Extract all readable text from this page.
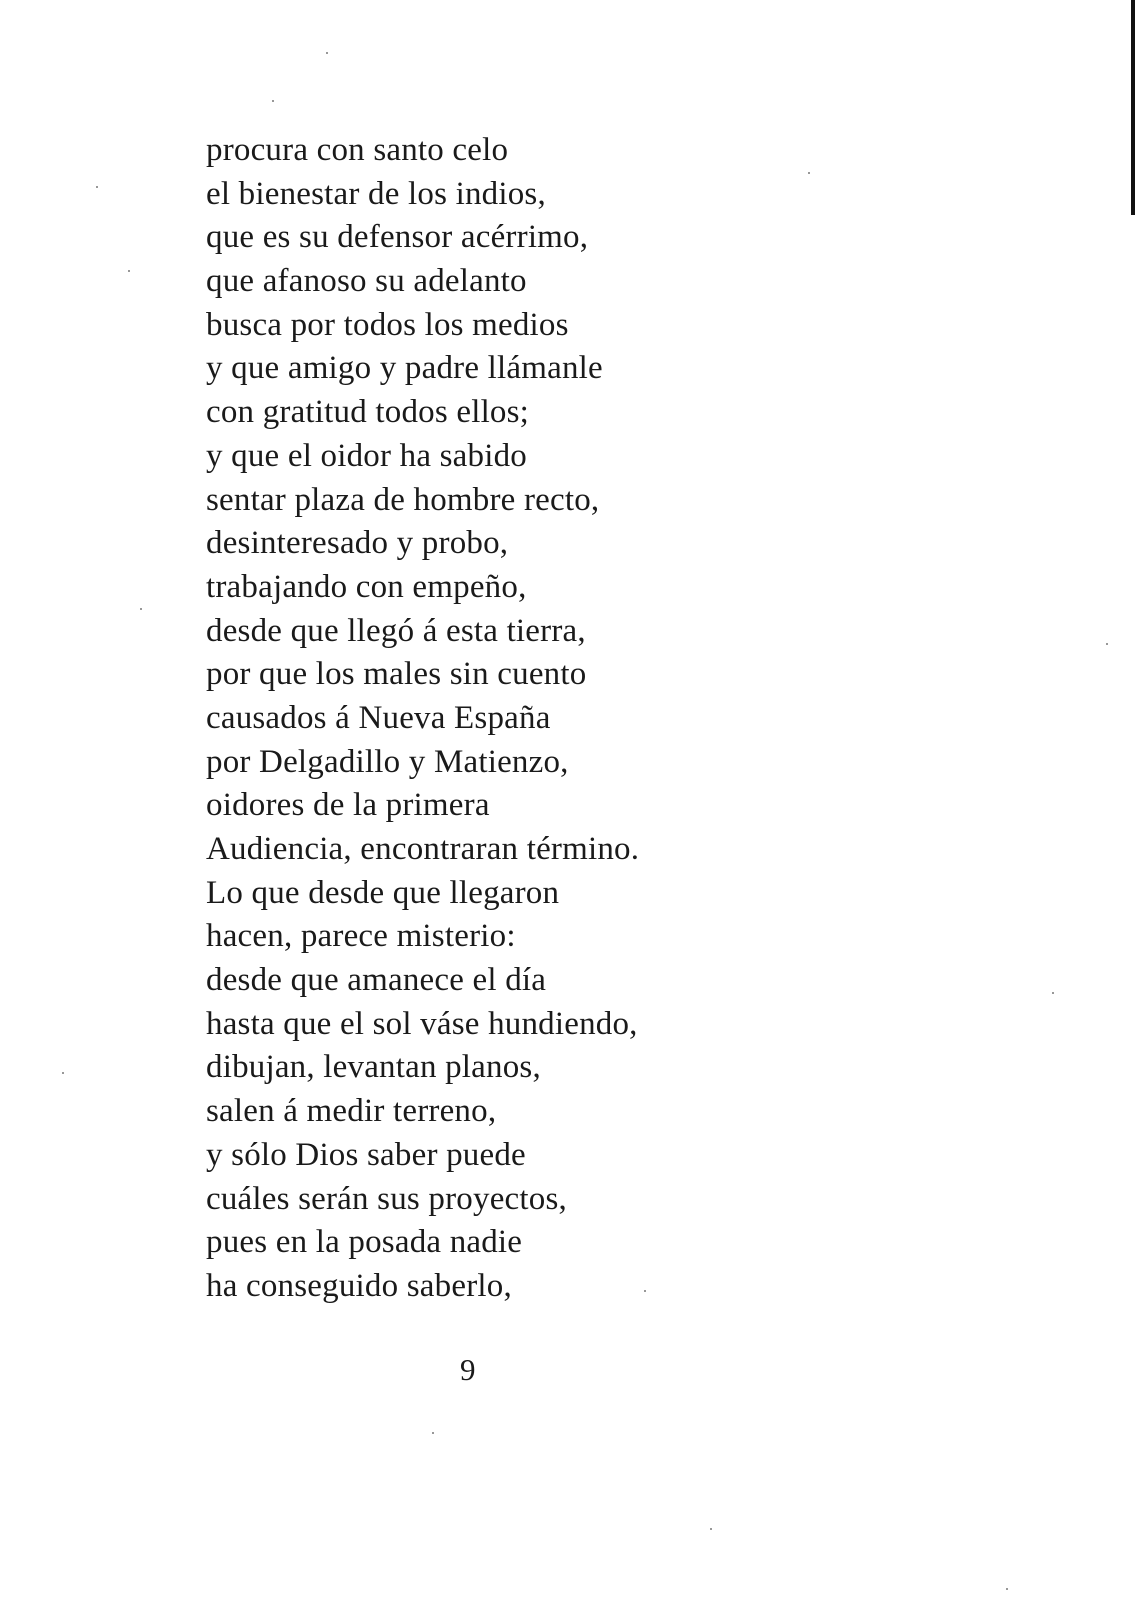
procura con santo celo
el bienestar de los indios,
que es su defensor acérrimo,
que afanoso su adelanto
busca por todos los medios
y que amigo y padre llámanle
con gratitud todos ellos;
y que el oidor ha sabido
sentar plaza de hombre recto,
desinteresado y probo,
trabajando con empeño,
desde que llegó á esta tierra,
por que los males sin cuento
causados á Nueva España
por Delgadillo y Matienzo,
oidores de la primera
Audiencia, encontraran término.
Lo que desde que llegaron
hacen, parece misterio:
desde que amanece el día
hasta que el sol váse hundiendo,
dibujan, levantan planos,
salen á medir terreno,
y sólo Dios saber puede
cuáles serán sus proyectos,
pues en la posada nadie
ha conseguido saberlo,
9
